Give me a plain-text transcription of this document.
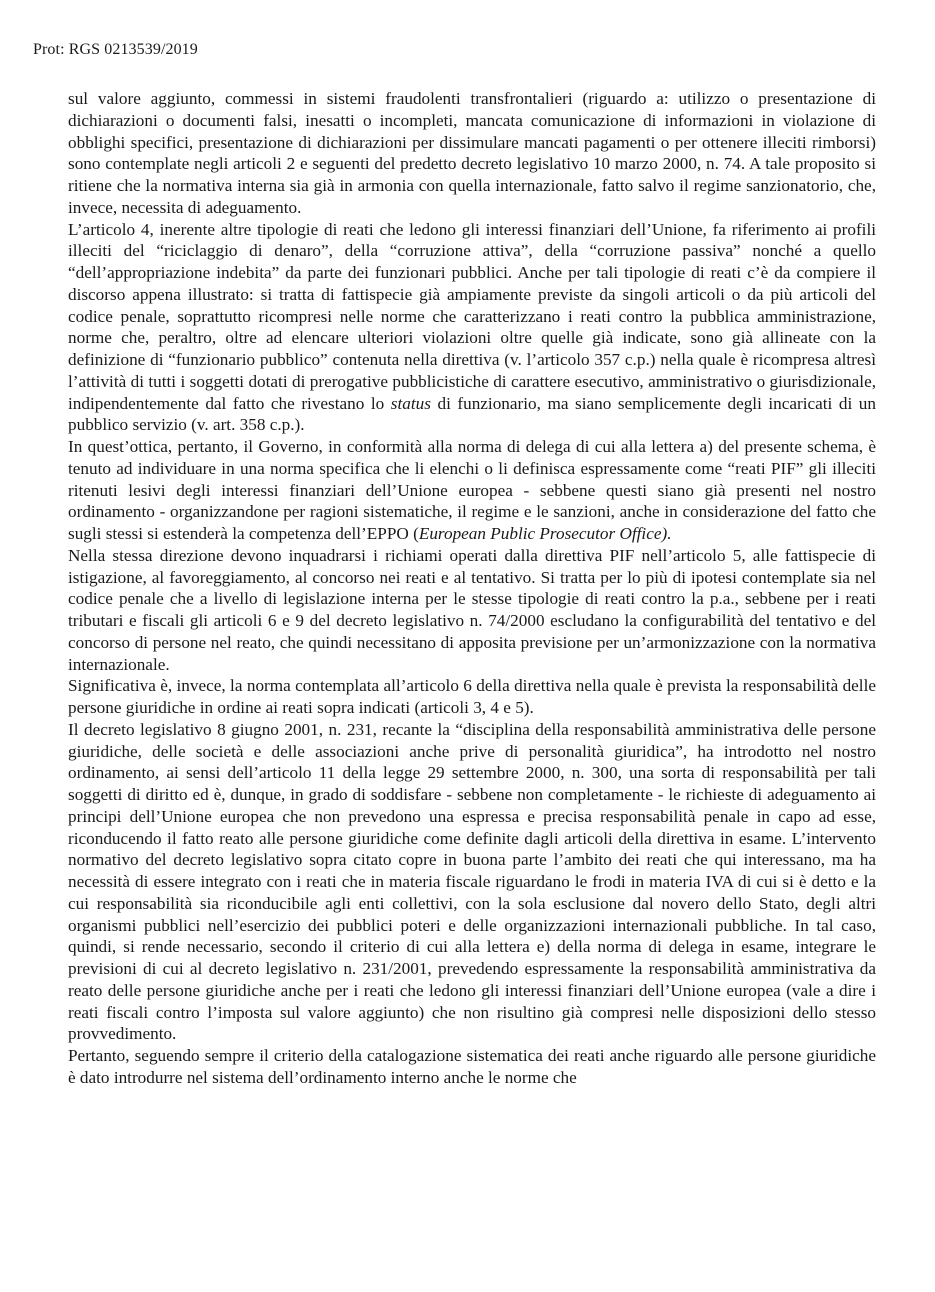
Prot: RGS 0213539/2019

sul valore aggiunto, commessi in sistemi fraudolenti transfrontalieri (riguardo a: utilizzo o presentazione di dichiarazioni o documenti falsi, inesatti o incompleti, mancata comunicazione di informazioni in violazione di obblighi specifici, presentazione di dichiarazioni per dissimulare mancati pagamenti o per ottenere illeciti rimborsi) sono contemplate negli articoli 2 e seguenti del predetto decreto legislativo 10 marzo 2000, n. 74. A tale proposito si ritiene che la normativa interna sia già in armonia con quella internazionale, fatto salvo il regime sanzionatorio, che, invece, necessita di adeguamento.

L’articolo 4, inerente altre tipologie di reati che ledono gli interessi finanziari dell’Unione, fa riferimento ai profili illeciti del “riciclaggio di denaro”, della “corruzione attiva”, della “corruzione passiva” nonché a quello “dell’appropriazione indebita” da parte dei funzionari pubblici. Anche per tali tipologie di reati c’è da compiere il discorso appena illustrato: si tratta di fattispecie già ampiamente previste da singoli articoli o da più articoli del codice penale, soprattutto ricompresi nelle norme che caratterizzano i reati contro la pubblica amministrazione, norme che, peraltro, oltre ad elencare ulteriori violazioni oltre quelle già indicate, sono già allineate con la definizione di “funzionario pubblico” contenuta nella direttiva (v. l’articolo 357 c.p.) nella quale è ricompresa altresì l’attività di tutti i soggetti dotati di prerogative pubblicistiche di carattere esecutivo, amministrativo o giurisdizionale, indipendentemente dal fatto che rivestano lo status di funzionario, ma siano semplicemente degli incaricati di un pubblico servizio (v. art. 358 c.p.).

In quest’ottica, pertanto, il Governo, in conformità alla norma di delega di cui alla lettera a) del presente schema, è tenuto ad individuare in una norma specifica che li elenchi o li definisca espressamente come “reati PIF” gli illeciti ritenuti lesivi degli interessi finanziari dell’Unione europea - sebbene questi siano già presenti nel nostro ordinamento - organizzandone per ragioni sistematiche, il regime e le sanzioni, anche in considerazione del fatto che sugli stessi si estenderà la competenza dell’EPPO (European Public Prosecutor Office).

Nella stessa direzione devono inquadrarsi i richiami operati dalla direttiva PIF nell’articolo 5, alle fattispecie di istigazione, al favoreggiamento, al concorso nei reati e al tentativo. Si tratta per lo più di ipotesi contemplate sia nel codice penale che a livello di legislazione interna per le stesse tipologie di reati contro la p.a., sebbene per i reati tributari e fiscali gli articoli 6 e 9 del decreto legislativo n. 74/2000 escludano la configurabilità del tentativo e del concorso di persone nel reato, che quindi necessitano di apposita previsione per un’armonizzazione con la normativa internazionale.

Significativa è, invece, la norma contemplata all’articolo 6 della direttiva nella quale è prevista la responsabilità delle persone giuridiche in ordine ai reati sopra indicati (articoli 3, 4 e 5).

Il decreto legislativo 8 giugno 2001, n. 231, recante la “disciplina della responsabilità amministrativa delle persone giuridiche, delle società e delle associazioni anche prive di personalità giuridica”, ha introdotto nel nostro ordinamento, ai sensi dell’articolo 11 della legge 29 settembre 2000, n. 300, una sorta di responsabilità per tali soggetti di diritto ed è, dunque, in grado di soddisfare - sebbene non completamente - le richieste di adeguamento ai principi dell’Unione europea che non prevedono una espressa e precisa responsabilità penale in capo ad esse, riconducendo il fatto reato alle persone giuridiche come definite dagli articoli della direttiva in esame. L’intervento normativo del decreto legislativo sopra citato copre in buona parte l’ambito dei reati che qui interessano, ma ha necessità di essere integrato con i reati che in materia fiscale riguardano le frodi in materia IVA di cui si è detto e la cui responsabilità sia riconducibile agli enti collettivi, con la sola esclusione dal novero dello Stato, degli altri organismi pubblici nell’esercizio dei pubblici poteri e delle organizzazioni internazionali pubbliche. In tal caso, quindi, si rende necessario, secondo il criterio di cui alla lettera e) della norma di delega in esame, integrare le previsioni di cui al decreto legislativo n. 231/2001, prevedendo espressamente la responsabilità amministrativa da reato delle persone giuridiche anche per i reati che ledono gli interessi finanziari dell’Unione europea (vale a dire i reati fiscali contro l’imposta sul valore aggiunto) che non risultino già compresi nelle disposizioni dello stesso provvedimento.

Pertanto, seguendo sempre il criterio della catalogazione sistematica dei reati anche riguardo alle persone giuridiche è dato introdurre nel sistema dell’ordinamento interno anche le norme che
